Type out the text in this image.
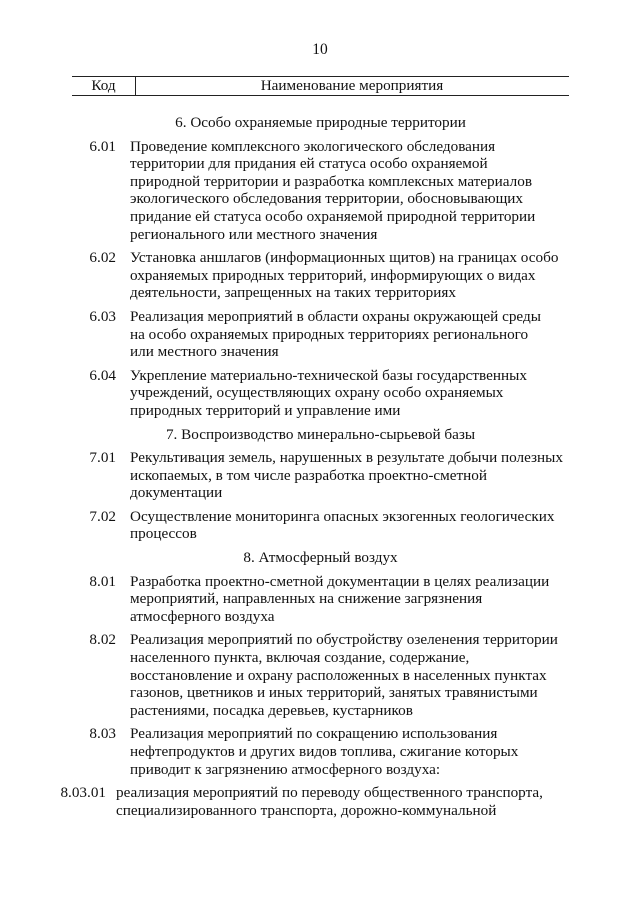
10
Код	Наименование мероприятия
6. Особо охраняемые природные территории
6.01 Проведение комплексного экологического обследования
территории для придания ей статуса особо охраняемой
природной территории и разработка комплексных материалов
экологического обследования территории, обосновывающих
придание ей статуса особо охраняемой природной территории
регионального или местного значения
6.02 Установка аншлагов (информационных щитов) на границах особо
охраняемых природных территорий, информирующих о видах
деятельности, запрещенных на таких территориях
6.03 Реализация мероприятий в области охраны окружающей среды
на особо охраняемых природных территориях регионального
или местного значения
6.04 Укрепление материально-технической базы государственных
учреждений, осуществляющих охрану особо охраняемых
природных территорий и управление ими
7. Воспроизводство минерально-сырьевой базы
7.01 Рекультивация земель, нарушенных в результате добычи полезных
ископаемых, в том числе разработка проектно-сметной
документации
7.02 Осуществление мониторинга опасных экзогенных геологических
процессов
8. Атмосферный воздух
8.01 Разработка проектно-сметной документации в целях реализации
мероприятий, направленных на снижение загрязнения
атмосферного воздуха
8.02 Реализация мероприятий по обустройству озеленения территории
населенного пункта, включая создание, содержание,
восстановление и охрану расположенных в населенных пунктах
газонов, цветников и иных территорий, занятых травянистыми
растениями, посадка деревьев, кустарников
8.03 Реализация мероприятий по сокращению использования
нефтепродуктов и других видов топлива, сжигание которых
приводит к загрязнению атмосферного воздуха:
8.03.01 реализация мероприятий по переводу общественного транспорта,
специализированного транспорта, дорожно-коммунальной
